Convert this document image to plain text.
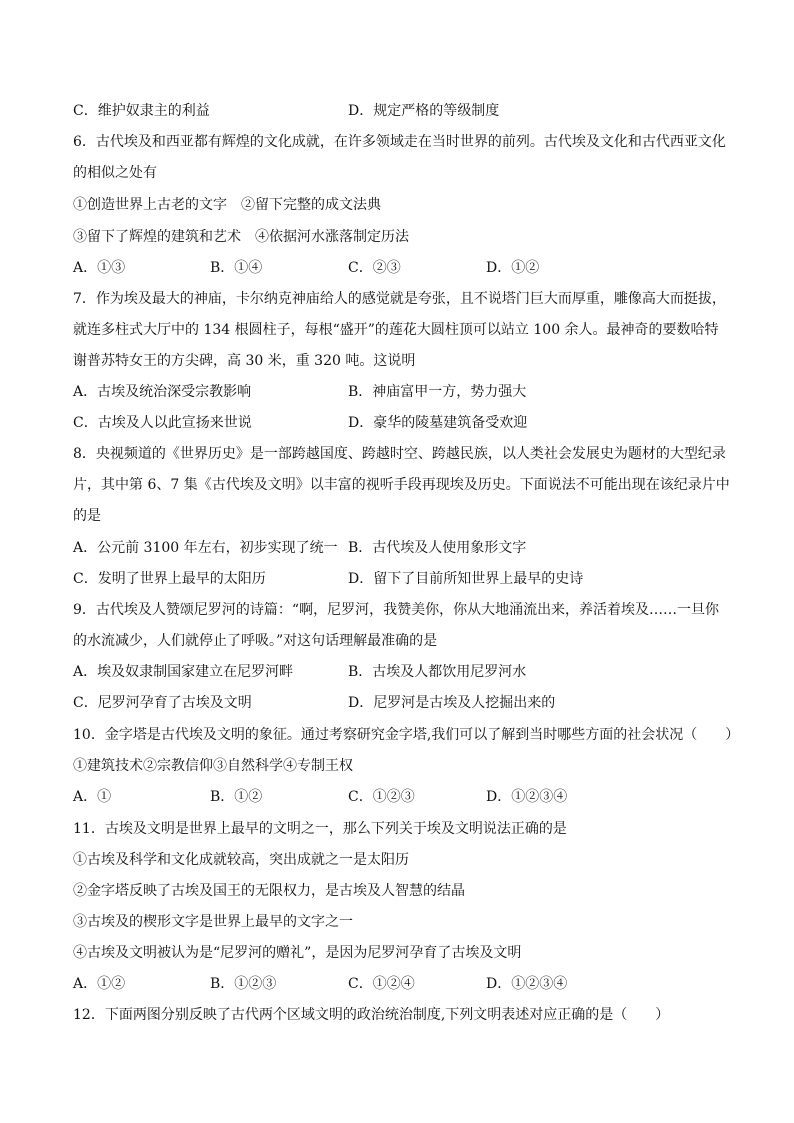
C．维护奴隶主的利益	D．规定严格的等级制度
6．古代埃及和西亚都有辉煌的文化成就，在许多领域走在当时世界的前列。古代埃及文化和古代西亚文化
的相似之处有
①创造世界上古老的文字　②留下完整的成文法典
③留下了辉煌的建筑和艺术　④依据河水涨落制定历法
A．①③	B．①④	C．②③	D．①②
7．作为埃及最大的神庙，卡尔纳克神庙给人的感觉就是夸张，且不说塔门巨大而厚重，雕像高大而挺拔，
就连多柱式大厅中的 134 根圆柱子，每根“盛开”的莲花大圆柱顶可以站立 100 余人。最神奇的要数哈特
谢普苏特女王的方尖碑，高 30 米，重 320 吨。这说明
A．古埃及统治深受宗教影响	B．神庙富甲一方，势力强大
C．古埃及人以此宣扬来世说	D．豪华的陵墓建筑备受欢迎
8．央视频道的《世界历史》是一部跨越国度、跨越时空、跨越民族，以人类社会发展史为题材的大型纪录
片，其中第 6、7 集《古代埃及文明》以丰富的视听手段再现埃及历史。下面说法不可能出现在该纪录片中
的是
A．公元前 3100 年左右，初步实现了统一 B．古代埃及人使用象形文字
C．发明了世界上最早的太阳历	D．留下了目前所知世界上最早的史诗
9．古代埃及人赞颂尼罗河的诗篇：“啊，尼罗河，我赞美你，你从大地涌流出来，养活着埃及……一旦你
的水流减少，人们就停止了呼吸。”对这句话理解最准确的是
A．埃及奴隶制国家建立在尼罗河畔	B．古埃及人都饮用尼罗河水
C．尼罗河孕育了古埃及文明	D．尼罗河是古埃及人挖掘出来的
10．金字塔是古代埃及文明的象征。通过考察研究金字塔,我们可以了解到当时哪些方面的社会状况（　　）
①建筑技术②宗教信仰③自然科学④专制王权
A．①	B．①②	C．①②③	D．①②③④
11．古埃及文明是世界上最早的文明之一，那么下列关于埃及文明说法正确的是
①古埃及科学和文化成就较高，突出成就之一是太阳历
②金字塔反映了古埃及国王的无限权力，是古埃及人智慧的结晶
③古埃及的楔形文字是世界上最早的文字之一
④古埃及文明被认为是“尼罗河的赠礼”，是因为尼罗河孕育了古埃及文明
A．①②	B．①②③	C．①②④	D．①②③④
12．下面两图分别反映了古代两个区域文明的政治统治制度,下列文明表述对应正确的是（　　）
